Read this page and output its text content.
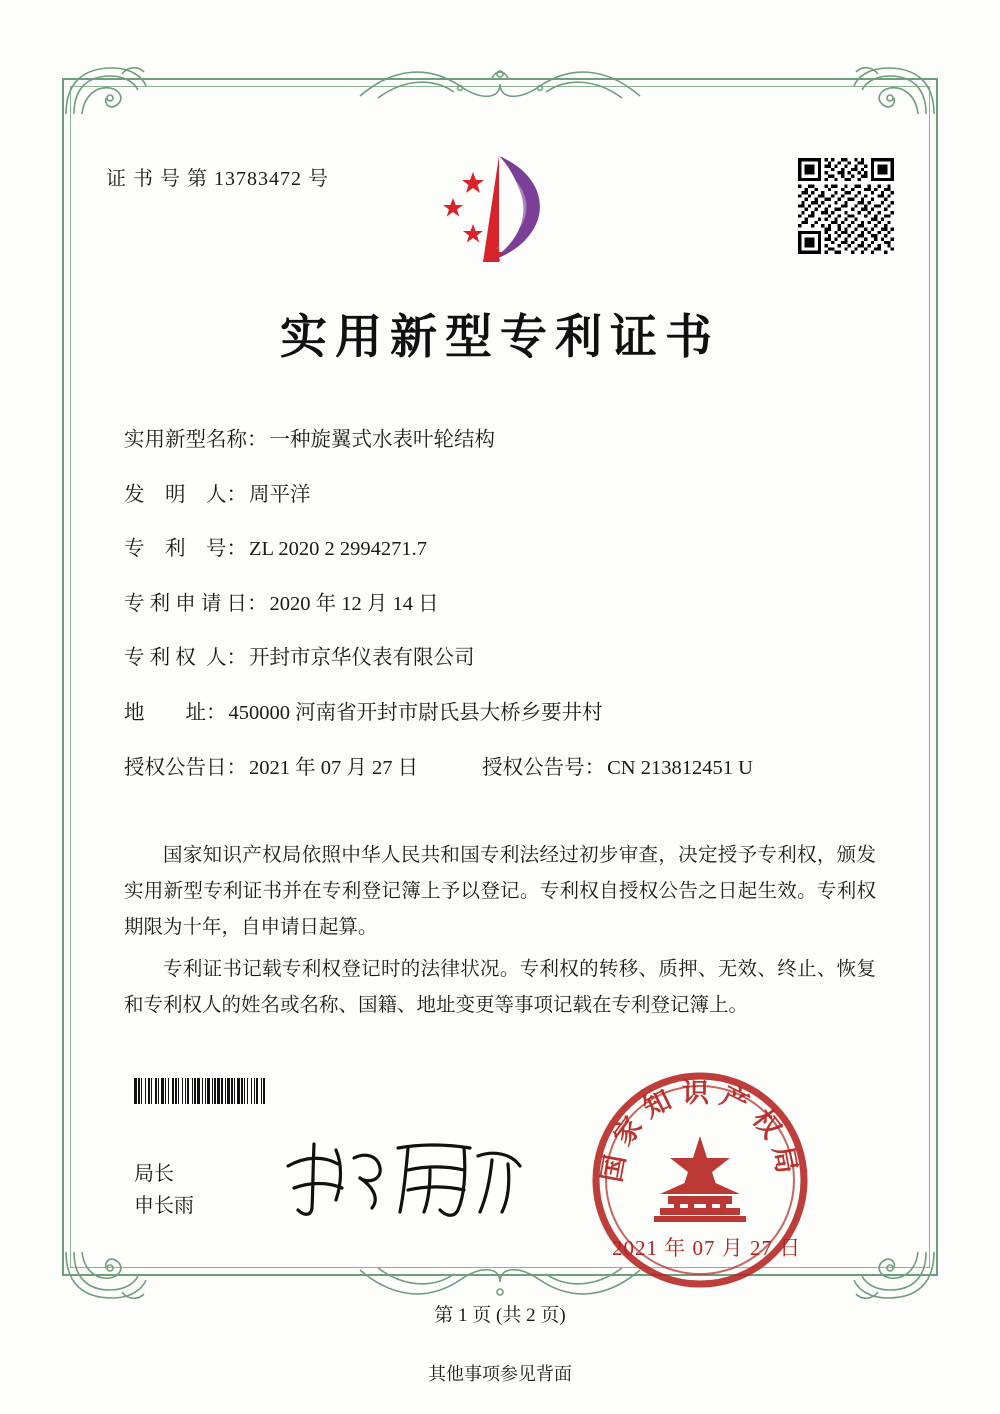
证 书 号 第 13783472 号
实用新型专利证书
实用新型名称： 一种旋翼式水表叶轮结构
发    明    人： 周平洋
专    利    号： ZL 2020 2 2994271.7
专 利 申 请 日： 2020 年 12 月 14 日
专 利 权  人： 开封市京华仪表有限公司
地        址： 450000 河南省开封市尉氏县大桥乡要井村
授权公告日： 2021 年 07 月 27 日	授权公告号： CN 213812451 U

国家知识产权局依照中华人民共和国专利法经过初步审查，决定授予专利权，颁发实用新型专利证书并在专利登记簿上予以登记。专利权自授权公告之日起生效。专利权期限为十年，自申请日起算。

专利证书记载专利权登记时的法律状况。专利权的转移、质押、无效、终止、恢复和专利权人的姓名或名称、国籍、地址变更等事项记载在专利登记簿上。

局长
申长雨
国家知识产权局
2021 年 07 月 27 日
第 1 页 (共 2 页)
其他事项参见背面
